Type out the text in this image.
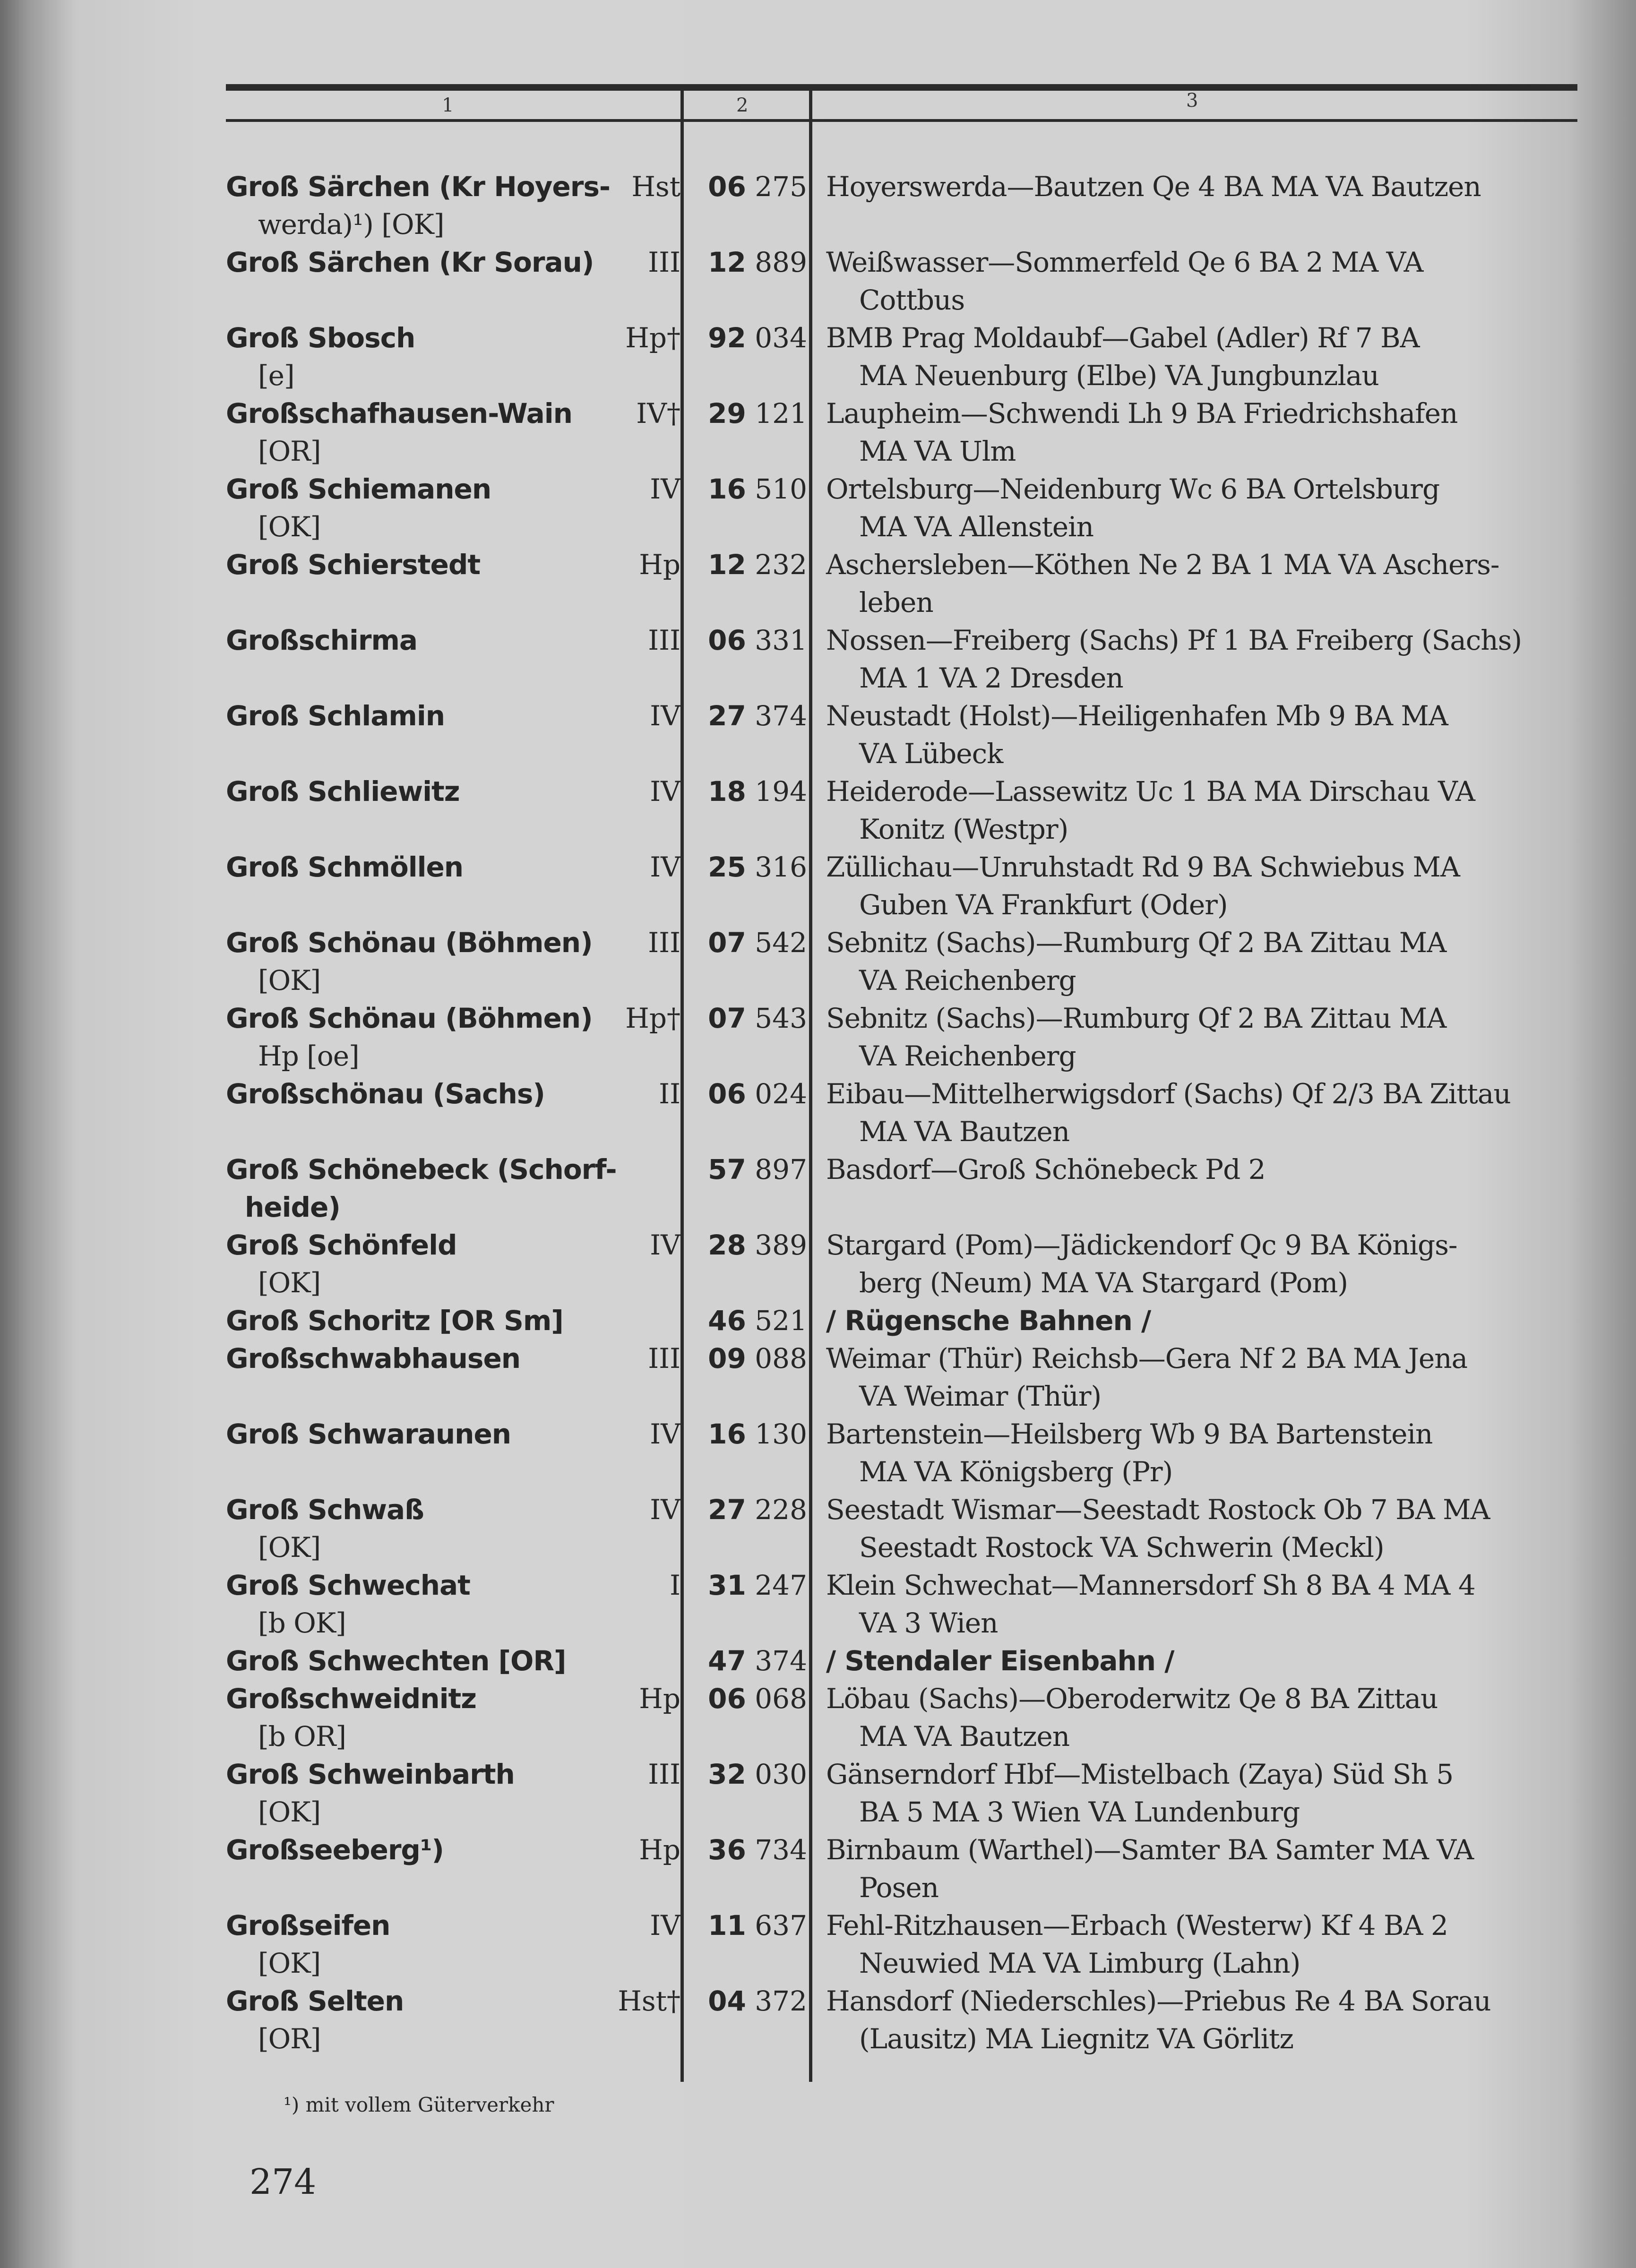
1	2	3
Groß Särchen (Kr Hoyers-
werda)¹) [OK]
Hst 06 275 Hoyerswerda—Bautzen Qe 4 BA MA VA Bautzen
Groß Särchen (Kr Sorau)	III 12 889 Weißwasser—Sommerfeld Qe 6 BA 2 MA VA
Cottbus
Groß Sbosch
[e]
Hp† 92 034 BMB Prag Moldaubf—Gabel (Adler) Rf 7 BA
MA Neuenburg (Elbe) VA Jungbunzlau
Großschafhausen-Wain
[OR]
IV† 29 121 Laupheim—Schwendi Lh 9 BA Friedrichshafen
MA VA Ulm
Groß Schiemanen
[OK]
IV 16 510 Ortelsburg—Neidenburg Wc 6 BA Ortelsburg
MA VA Allenstein
Groß Schierstedt	Hp 12 232 Aschersleben—Köthen Ne 2 BA 1 MA VA Aschers-
leben
Großschirma	III 06 331 Nossen—Freiberg (Sachs) Pf 1 BA Freiberg (Sachs)
MA 1 VA 2 Dresden
Groß Schlamin	IV 27 374 Neustadt (Holst)—Heiligenhafen Mb 9 BA MA
VA Lübeck
Groß Schliewitz	IV 18 194 Heiderode—Lassewitz Uc 1 BA MA Dirschau VA
Konitz (Westpr)
Groß Schmöllen	IV 25 316 Züllichau—Unruhstadt Rd 9 BA Schwiebus MA
Guben VA Frankfurt (Oder)
Groß Schönau (Böhmen)
[OK]
III 07 542 Sebnitz (Sachs)—Rumburg Qf 2 BA Zittau MA
VA Reichenberg
Groß Schönau (Böhmen)
Hp [oe]
Hp† 07 543 Sebnitz (Sachs)—Rumburg Qf 2 BA Zittau MA
VA Reichenberg
Großschönau (Sachs)	II 06 024 Eibau—Mittelherwigsdorf (Sachs) Qf 2/3 BA Zittau
MA VA Bautzen
Groß Schönebeck (Schorf-
heide)
57 897 Basdorf—Groß Schönebeck Pd 2
Groß Schönfeld
[OK]
IV 28 389 Stargard (Pom)—Jädickendorf Qc 9 BA Königs-
berg (Neum) MA VA Stargard (Pom)
Groß Schoritz [OR Sm]	46 521 / Rügensche Bahnen /
Großschwabhausen	III 09 088 Weimar (Thür) Reichsb—Gera Nf 2 BA MA Jena
VA Weimar (Thür)
Groß Schwaraunen	IV 16 130 Bartenstein—Heilsberg Wb 9 BA Bartenstein
MA VA Königsberg (Pr)
Groß Schwaß
[OK]
IV 27 228 Seestadt Wismar—Seestadt Rostock Ob 7 BA MA
Seestadt Rostock VA Schwerin (Meckl)
Groß Schwechat
[b OK]
I 31 247 Klein Schwechat—Mannersdorf Sh 8 BA 4 MA 4
VA 3 Wien
Groß Schwechten [OR]	47 374 / Stendaler Eisenbahn /
Großschweidnitz
[b OR]
Hp 06 068 Löbau (Sachs)—Oberoderwitz Qe 8 BA Zittau
MA VA Bautzen
Groß Schweinbarth
[OK]
III 32 030 Gänserndorf Hbf—Mistelbach (Zaya) Süd Sh 5
BA 5 MA 3 Wien VA Lundenburg
Großseeberg¹)	Hp 36 734 Birnbaum (Warthel)—Samter BA Samter MA VA
Posen
Großseifen
[OK]
IV 11 637 Fehl-Ritzhausen—Erbach (Westerw) Kf 4 BA 2
Neuwied MA VA Limburg (Lahn)
Groß Selten
[OR]
Hst† 04 372 Hansdorf (Niederschles)—Priebus Re 4 BA Sorau
(Lausitz) MA Liegnitz VA Görlitz
¹) mit vollem Güterverkehr
274
